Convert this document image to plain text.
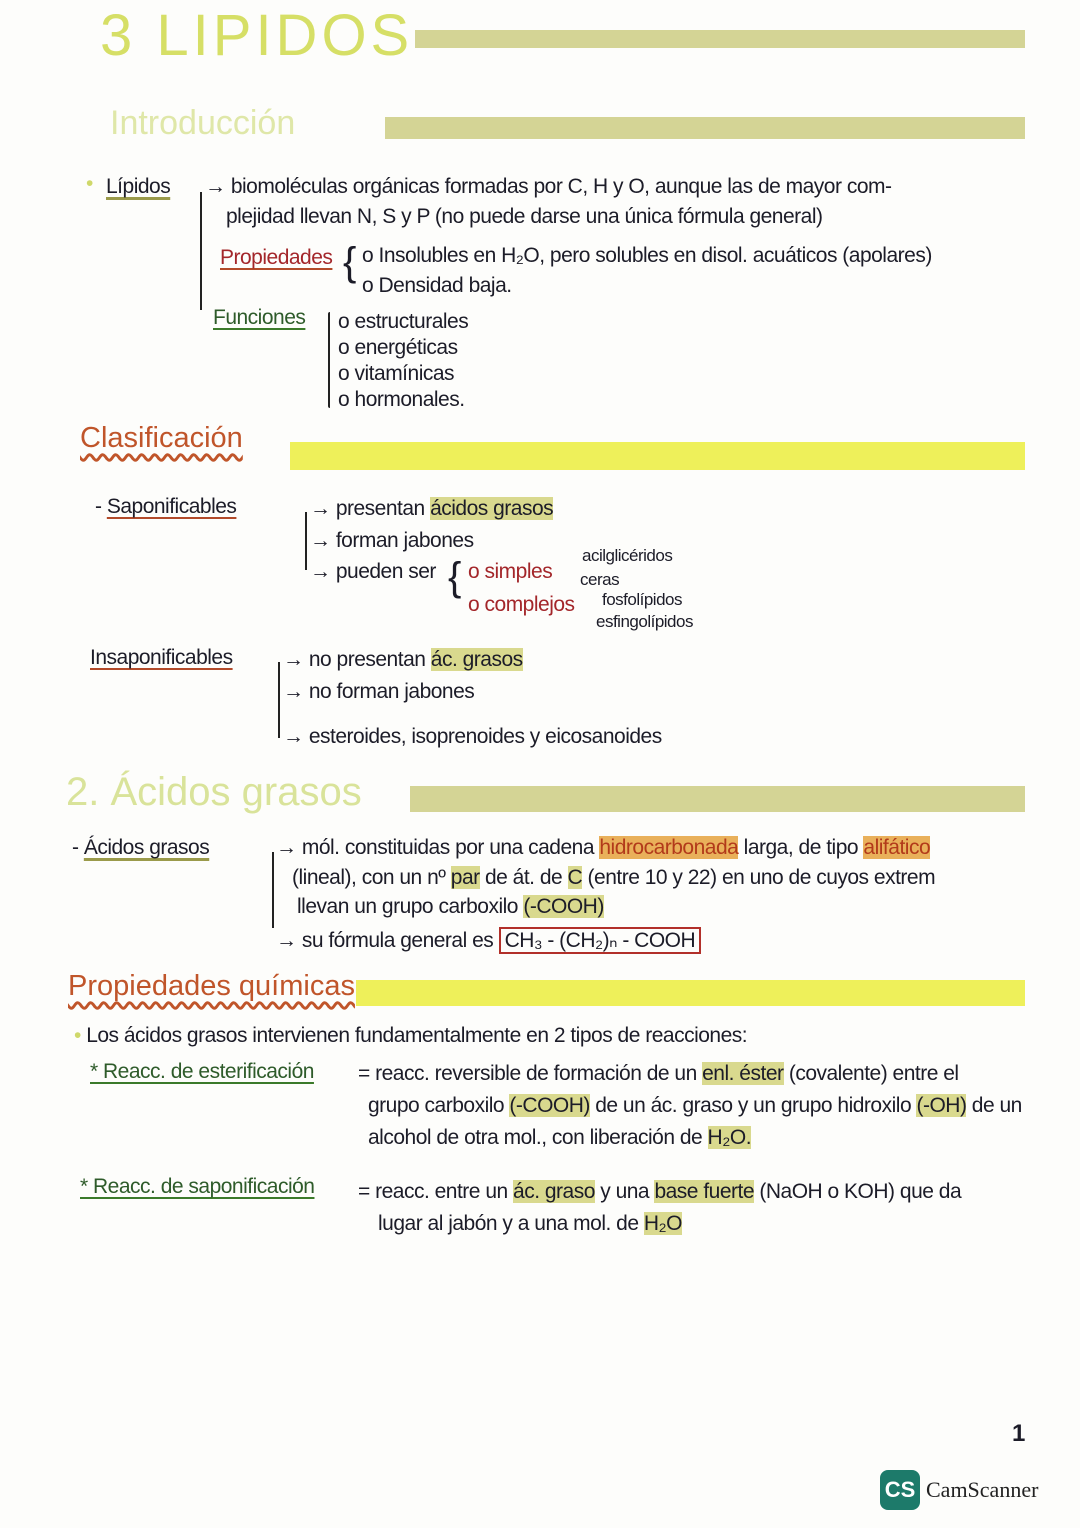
3 LIPIDOS
Introducción
• Lípidos → biomoléculas orgánicas formadas por C, H y O, aunque las de mayor com-
plejidad llevan N, S y P (no puede darse una única fórmula general)
Propiedades { o Insolubles en H₂O, pero solubles en disol. acuáticos (apolares)
o Densidad baja.
Funciones o estructurales
o energéticas
o vitamínicas
o hormonales.
Clasificación
- Saponificables	→ presentan ácidos grasos
→ forman jabones
→ pueden ser { o simples
acilglicéridos
ceras
o complejos fosfolípidos
esfingolípidos
Insaponificables → no presentan ác. grasos
→ no forman jabones
→ esteroides, isoprenoides y eicosanoides
2. Ácidos grasos
- Ácidos grasos	→ mól. constituidas por una cadena hidrocarbonada larga, de tipo alifático
(lineal), con un nº par de át. de C (entre 10 y 22) en uno de cuyos extrem
llevan un grupo carboxilo (-COOH)
→ su fórmula general es CH₃ - (CH₂)ₙ - COOH
Propiedades químicas
• Los ácidos grasos intervienen fundamentalmente en 2 tipos de reacciones:
* Reacc. de esterificación = reacc. reversible de formación de un enl. éster (covalente) entre el
grupo carboxilo (-COOH) de un ác. graso y un grupo hidroxilo (-OH) de un
alcohol de otra mol., con liberación de H₂O.
* Reacc. de saponificación = reacc. entre un ác. graso y una base fuerte (NaOH o KOH) que da
lugar al jabón y a una mol. de H₂O
1
CS CamScanner
